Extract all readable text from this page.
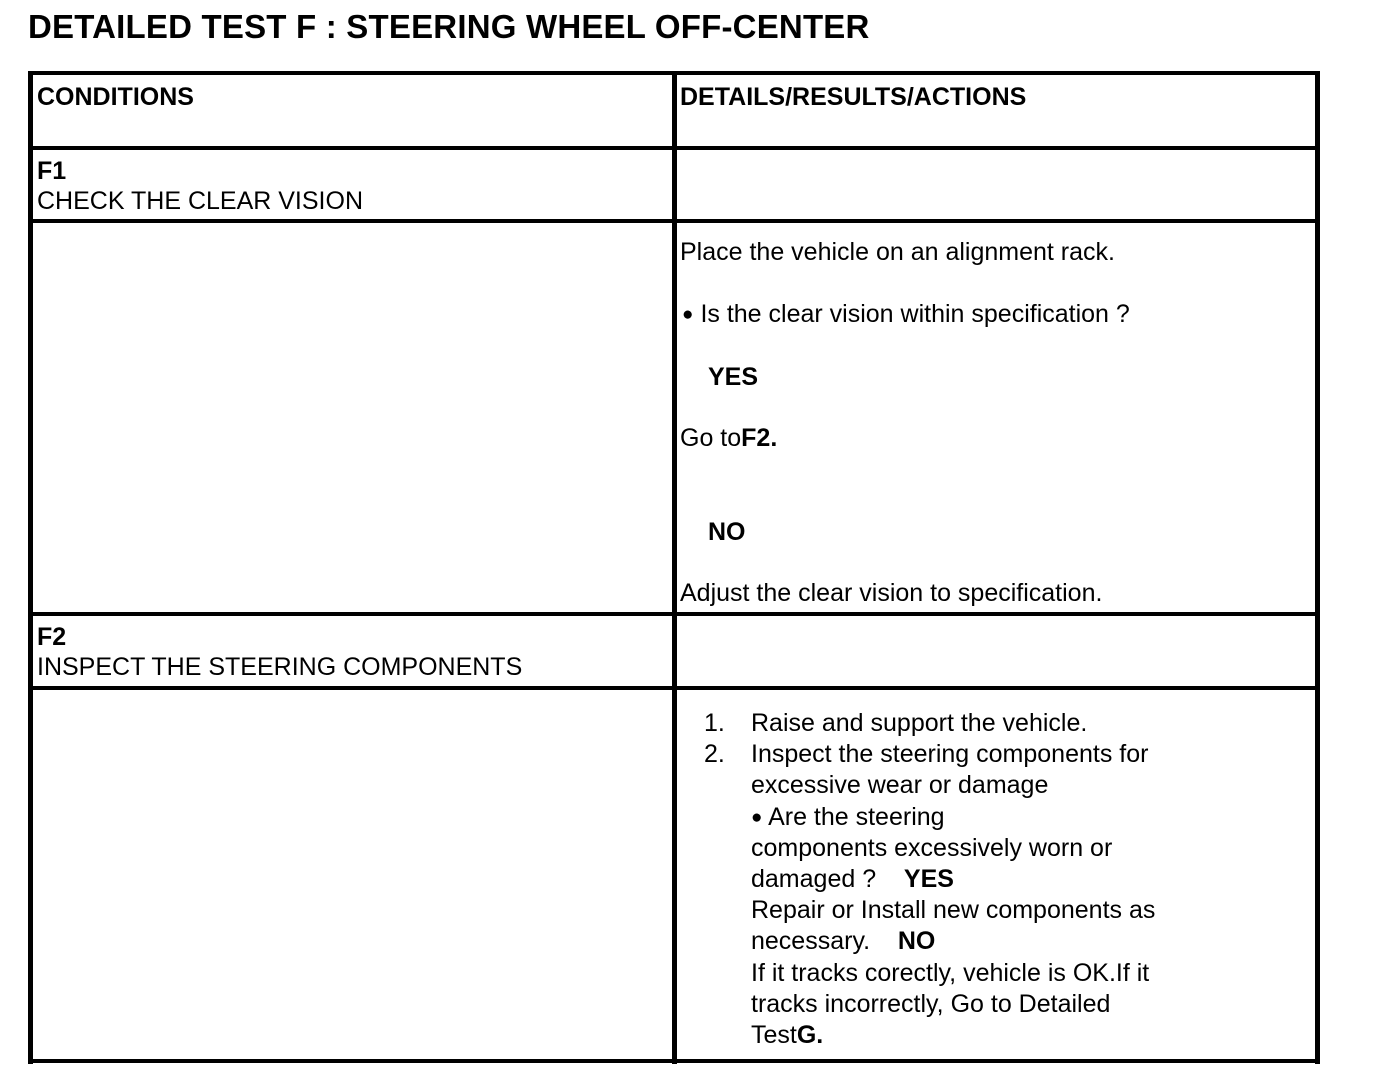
DETAILED TEST F : STEERING WHEEL OFF-CENTER
CONDITIONS	DETAILS/RESULTS/ACTIONS
F1
CHECK THE CLEAR VISION
Place the vehicle on an alignment rack.
● Is the clear vision within specification ?
YES
Go toF2.
NO
Adjust the clear vision to specification.
F2
INSPECT THE STEERING COMPONENTS
1. Raise and support the vehicle.
2. Inspect the steering components for
excessive wear or damage
● Are the steering
components excessively worn or
damaged ? YES
Repair or Install new components as
necessary. NO
If it tracks corectly, vehicle is OK.If it
tracks incorrectly, Go to Detailed
TestG.
